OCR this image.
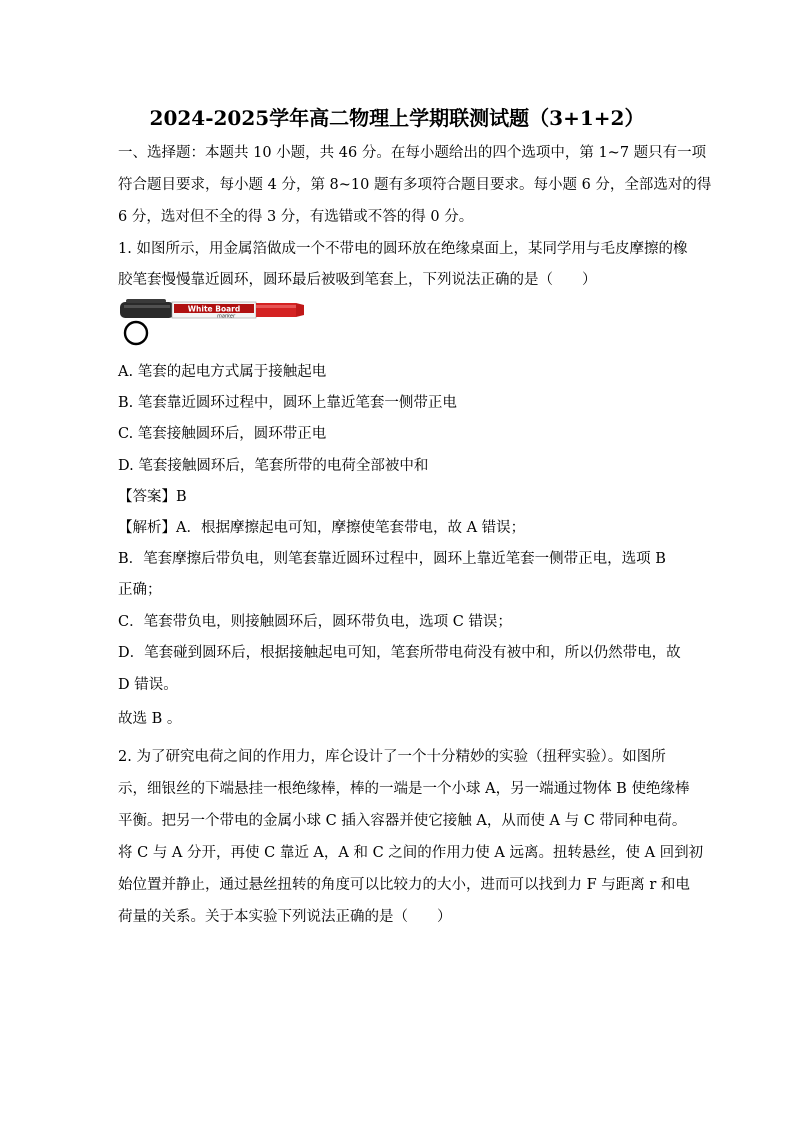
2024-2025学年高二物理上学期联测试题（3+1+2）
一、选择题：本题共 10 小题，共 46 分。在每小题给出的四个选项中，第 1~7 题只有一项
符合题目要求，每小题 4 分，第 8~10 题有多项符合题目要求。每小题 6 分，全部选对的得
6 分，选对但不全的得 3 分，有选错或不答的得 0 分。
1. 如图所示，用金属箔做成一个不带电的圆环放在绝缘桌面上，某同学用与毛皮摩擦的橡
胶笔套慢慢靠近圆环，圆环最后被吸到笔套上，下列说法正确的是（　　）
White Board
marker
A. 笔套的起电方式属于接触起电
B. 笔套靠近圆环过程中，圆环上靠近笔套一侧带正电
C. 笔套接触圆环后，圆环带正电
D. 笔套接触圆环后，笔套所带的电荷全部被中和
【答案】B
【解析】A．根据摩擦起电可知，摩擦使笔套带电，故 A 错误；
B．笔套摩擦后带负电，则笔套靠近圆环过程中，圆环上靠近笔套一侧带正电，选项 B
正确；
C．笔套带负电，则接触圆环后，圆环带负电，选项 C 错误；
D．笔套碰到圆环后，根据接触起电可知，笔套所带电荷没有被中和，所以仍然带电，故
D 错误。
故选 B 。
2. 为了研究电荷之间的作用力，库仑设计了一个十分精妙的实验（扭秤实验）。如图所
示，细银丝的下端悬挂一根绝缘棒，棒的一端是一个小球 A，另一端通过物体 B 使绝缘棒
平衡。把另一个带电的金属小球 C 插入容器并使它接触 A，从而使 A 与 C 带同种电荷。
将 C 与 A 分开，再使 C 靠近 A，A 和 C 之间的作用力使 A 远离。扭转悬丝，使 A 回到初
始位置并静止，通过悬丝扭转的角度可以比较力的大小，进而可以找到力 F 与距离 r 和电
荷量的关系。关于本实验下列说法正确的是（　　）
